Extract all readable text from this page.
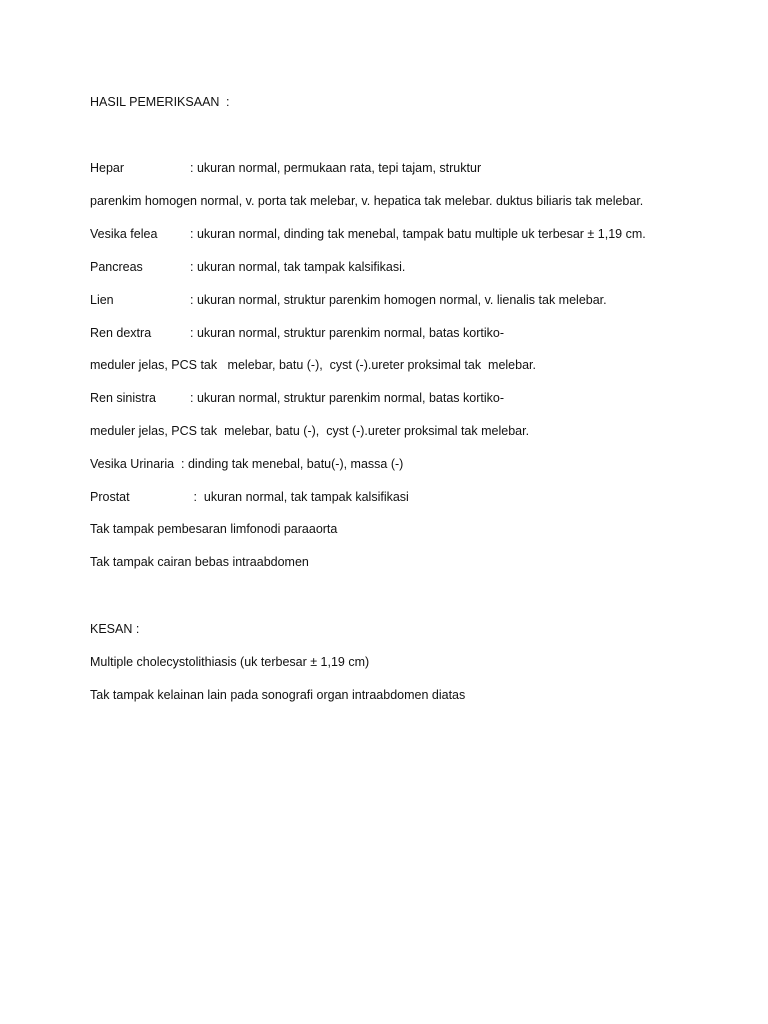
HASIL PEMERIKSAAN :
Hepar	: ukuran normal, permukaan rata, tepi tajam, struktur
parenkim homogen normal, v. porta tak melebar, v. hepatica tak melebar. duktus biliaris tak melebar.
Vesika felea	: ukuran normal, dinding tak menebal, tampak batu multiple uk terbesar ± 1,19 cm.
Pancreas	: ukuran normal, tak tampak kalsifikasi.
Lien	: ukuran normal, struktur parenkim homogen normal, v. lienalis tak melebar.
Ren dextra	: ukuran normal, struktur parenkim normal, batas kortiko-
meduler jelas, PCS tak   melebar, batu (-),  cyst (-).ureter proksimal tak  melebar.
Ren sinistra	: ukuran normal, struktur parenkim normal, batas kortiko-
meduler jelas, PCS tak  melebar, batu (-),  cyst (-).ureter proksimal tak melebar.
Vesika Urinaria  : dinding tak menebal, batu(-), massa (-)
Prostat	:  ukuran normal, tak tampak kalsifikasi
Tak tampak pembesaran limfonodi paraaorta
Tak tampak cairan bebas intraabdomen
KESAN :
Multiple cholecystolithiasis (uk terbesar ± 1,19 cm)
Tak tampak kelainan lain pada sonografi organ intraabdomen diatas
